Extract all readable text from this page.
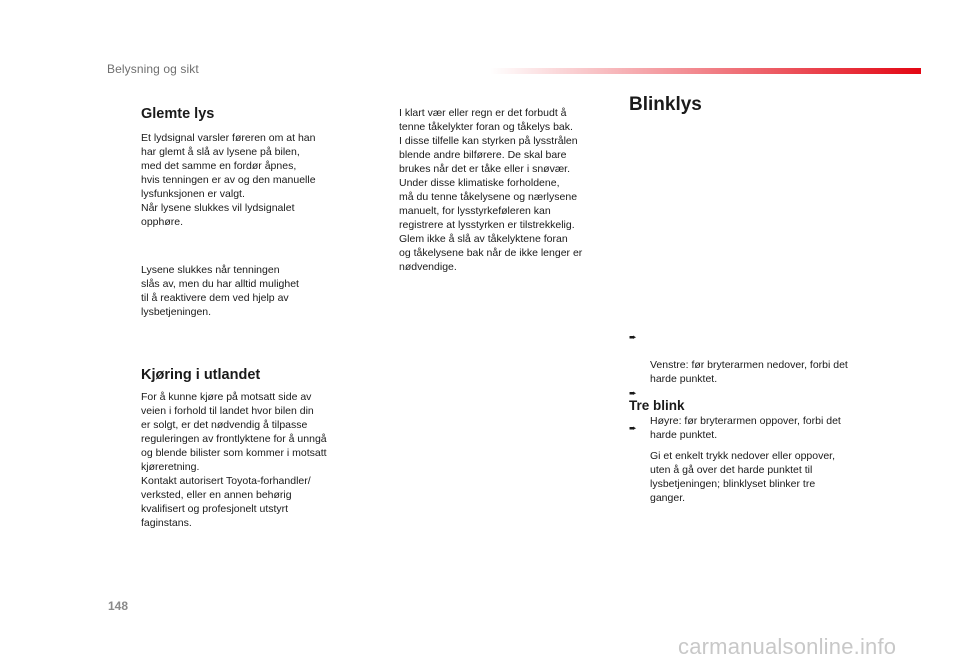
Belysning og sikt
Glemte lys

Et lydsignal varsler føreren om at han
har glemt å slå av lysene på bilen,
med det samme en fordør åpnes,
hvis tenningen er av og den manuelle
lysfunksjonen er valgt.
Når lysene slukkes vil lydsignalet
opphøre.

Lysene slukkes når tenningen
slås av, men du har alltid mulighet
til å reaktivere dem ved hjelp av
lysbetjeningen.

Kjøring i utlandet

For å kunne kjøre på motsatt side av
veien i forhold til landet hvor bilen din
er solgt, er det nødvendig å tilpasse
reguleringen av frontlyktene for å unngå
og blende bilister som kommer i motsatt
kjøreretning.
Kontakt autorisert Toyota-forhandler/
verksted, eller en annen behørig
kvalifisert og profesjonelt utstyrt
faginstans.

I klart vær eller regn er det forbudt å
tenne tåkelykter foran og tåkelys bak.
I disse tilfelle kan styrken på lysstrålen
blende andre bilførere. De skal bare
brukes når det er tåke eller i snøvær.
Under disse klimatiske forholdene,
må du tenne tåkelysene og nærlysene
manuelt, for lysstyrkeføleren kan
registrere at lysstyrken er tilstrekkelig.
Glem ikke å slå av tåkelyktene foran
og tåkelysene bak når de ikke lenger er
nødvendige.

Blinklys

➨

Venstre: før bryterarmen nedover, forbi det
harde punktet.

➨

Høyre: før bryterarmen oppover, forbi det
harde punktet.

Tre blink

➨

Gi et enkelt trykk nedover eller oppover,
uten å gå over det harde punktet til
lysbetjeningen; blinklyset blinker tre
ganger.

148
carmanualsonline.info
